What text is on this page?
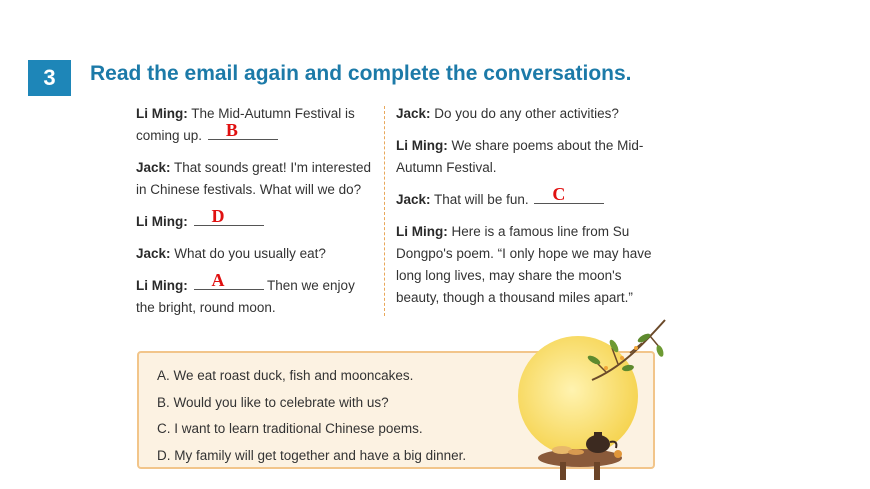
3	Read the email again and complete the conversations.
Li Ming: The Mid-Autumn Festival is coming up. B
Jack: That sounds great! I'm interested in Chinese festivals. What will we do?
Li Ming: D
Jack: What do you usually eat?
Li Ming: A	Then we enjoy the bright, round moon.
Jack: Do you do any other activities?
Li Ming: We share poems about the Mid-Autumn Festival.
Jack: That will be fun. C
Li Ming: Here is a famous line from Su Dongpo's poem. “I only hope we may have long long lives, may share the moon's beauty, though a thousand miles apart.”
A. We eat roast duck, fish and mooncakes.
B. Would you like to celebrate with us?
C. I want to learn traditional Chinese poems.
D. My family will get together and have a big dinner.
